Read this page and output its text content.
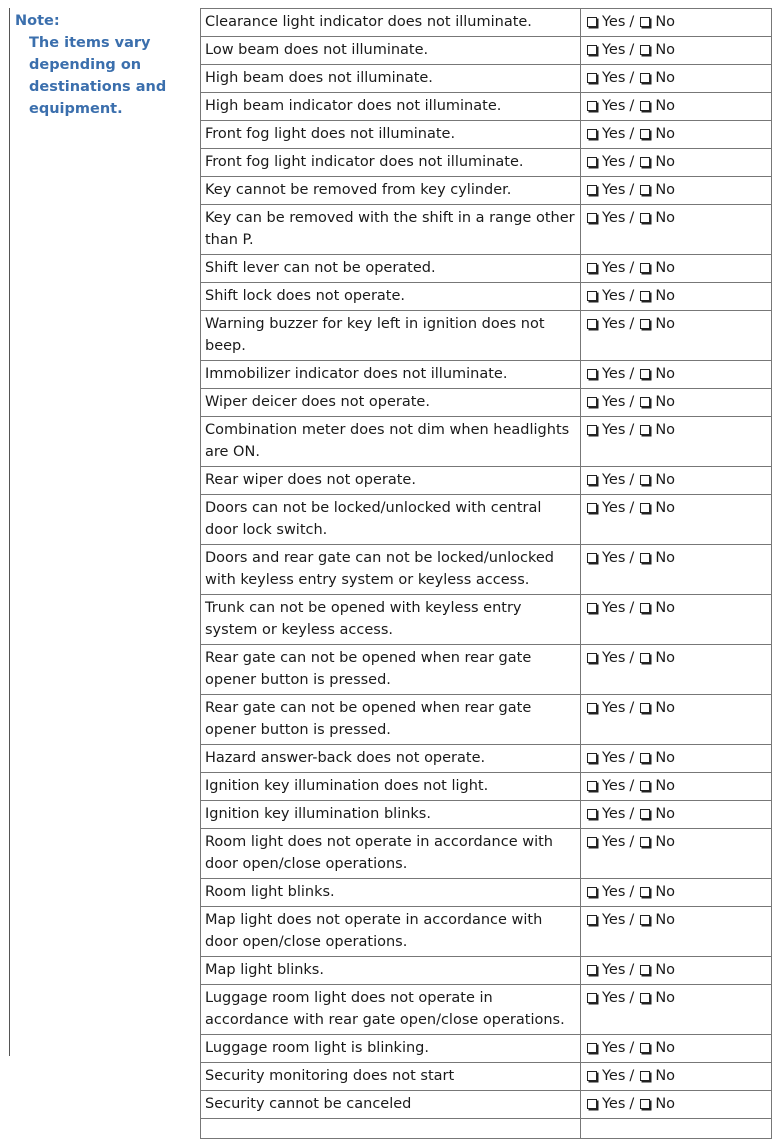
Note:
The items vary depending on destinations and equipment.
Clearance light indicator does not illuminate.	Yes / No
Low beam does not illuminate.	Yes / No
High beam does not illuminate.	Yes / No
High beam indicator does not illuminate.	Yes / No
Front fog light does not illuminate.	Yes / No
Front fog light indicator does not illuminate.	Yes / No
Key cannot be removed from key cylinder.	Yes / No
Key can be removed with the shift in a range other than P.	Yes / No
Shift lever can not be operated.	Yes / No
Shift lock does not operate.	Yes / No
Warning buzzer for key left in ignition does not beep.	Yes / No
Immobilizer indicator does not illuminate.	Yes / No
Wiper deicer does not operate.	Yes / No
Combination meter does not dim when headlights are ON.	Yes / No
Rear wiper does not operate.	Yes / No
Doors can not be locked/unlocked with central door lock switch.	Yes / No
Doors and rear gate can not be locked/unlocked with keyless entry system or keyless access.	Yes / No
Trunk can not be opened with keyless entry system or keyless access.	Yes / No
Rear gate can not be opened when rear gate opener button is pressed.	Yes / No
Rear gate can not be opened when rear gate opener button is pressed.	Yes / No
Hazard answer-back does not operate.	Yes / No
Ignition key illumination does not light.	Yes / No
Ignition key illumination blinks.	Yes / No
Room light does not operate in accordance with door open/close operations.	Yes / No
Room light blinks.	Yes / No
Map light does not operate in accordance with door open/close operations.	Yes / No
Map light blinks.	Yes / No
Luggage room light does not operate in accordance with rear gate open/close operations.	Yes / No
Luggage room light is blinking.	Yes / No
Security monitoring does not start	Yes / No
Security cannot be canceled	Yes / No
